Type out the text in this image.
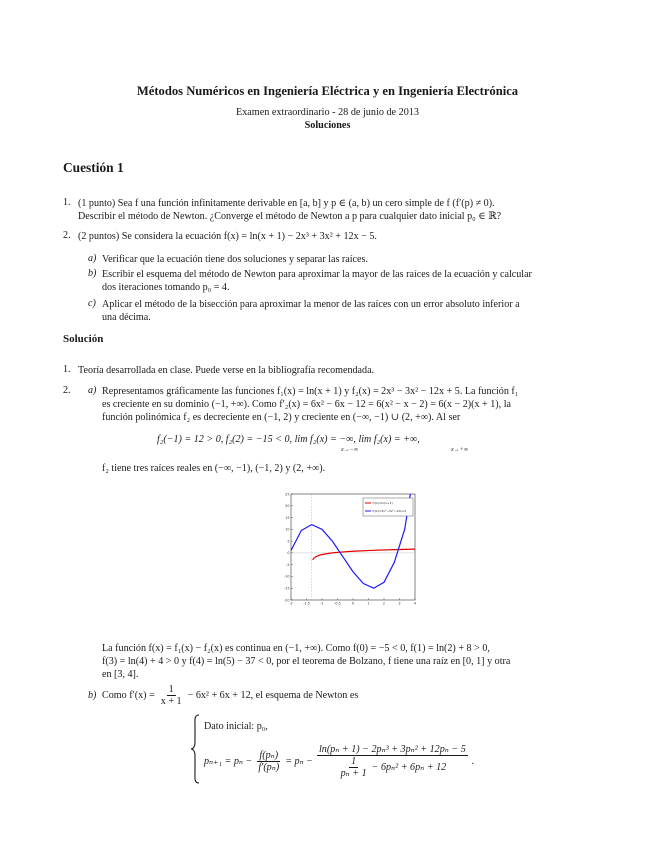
Métodos Numéricos en Ingeniería Eléctrica y en Ingeniería Electrónica
Examen extraordinario - 28 de junio de 2013
Soluciones
Cuestión 1
1. (1 punto) Sea f una función infinitamente derivable en [a, b] y p ∈ (a, b) un cero simple de f (f′(p) ≠ 0).
Describir el método de Newton. ¿Converge el método de Newton a p para cualquier dato inicial p₀ ∈ ℝ?
2. (2 puntos) Se considera la ecuación f(x) = ln(x + 1) − 2x³ + 3x² + 12x − 5.
a) Verificar que la ecuación tiene dos soluciones y separar las raíces.
b) Escribir el esquema del método de Newton para aproximar la mayor de las raíces de la ecuación y calcular
dos iteraciones tomando p₀ = 4.
c) Aplicar el método de la bisección para aproximar la menor de las raíces con un error absoluto inferior a
una décima.
Solución
1. Teoría desarrollada en clase. Puede verse en la bibliografía recomendada.
2. a) Representamos gráficamente las funciones f₁(x) = ln(x + 1) y f₂(x) = 2x³ − 3x² − 12x + 5. La función f₁
es creciente en su dominio (−1, +∞). Como f′₂(x) = 6x² − 6x − 12 = 6(x² − x − 2) = 6(x − 2)(x + 1), la
función polinómica f₂ es decreciente en (−1, 2) y creciente en (−∞, −1) ∪ (2, +∞). Al ser
f₂(−1) = 12 > 0, f₂(2) = −15 < 0, lim f₂(x) = −∞, lim f₂(x) = +∞,
x→−∞	x→+∞
f₂ tiene tres raíces reales en (−∞, −1), (−1, 2) y (2, +∞).
25
20
15
10
5
0
-5
-10
-15
-20
-2	-1.5	-1	-0.5	0	1	2	3	4
f₁(x)=ln(x+1)
f₂(x)=2x³−3x²−12x+5
La función f(x) = f₁(x) − f₂(x) es continua en (−1, +∞). Como f(0) = −5 < 0, f(1) = ln(2) + 8 > 0,
f(3) = ln(4) + 4 > 0 y f(4) = ln(5) − 37 < 0, por el teorema de Bolzano, f tiene una raíz en [0, 1] y otra
en [3, 4].
b) Como $f'(x) = \frac{1}{x + 1} - 6x^2 + 6x + 12$, el esquema de Newton es
Dato inicial: p₀,
$p_{n+1} = p_n - \frac{\text{f(pₙ)}}{\text{f′(pₙ)}} = p_n - \frac{\text{ln(pₙ + 1) − 2pₙ³ + 3pₙ² + 12pₙ − 5}}{\frac{1}{\text{pₙ + 1}} - 6p_n^2 + 6p_n + 12}$ .
